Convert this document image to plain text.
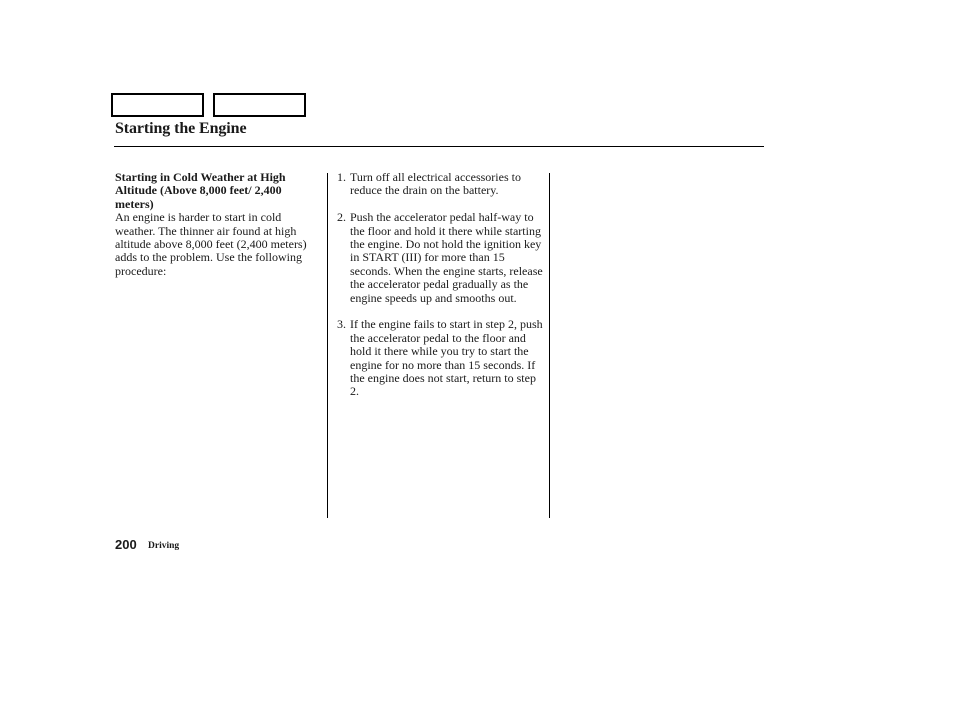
Starting the Engine

Starting in Cold Weather at High Altitude (Above 8,000 feet/ 2,400 meters)

An engine is harder to start in cold weather. The thinner air found at high altitude above 8,000 feet (2,400 meters) adds to the problem. Use the following procedure:

1. Turn off all electrical accessories to reduce the drain on the battery.
2. Push the accelerator pedal half-way to the floor and hold it there while starting the engine. Do not hold the ignition key in START (III) for more than 15 seconds. When the engine starts, release the accelerator pedal gradually as the engine speeds up and smooths out.
3. If the engine fails to start in step 2, push the accelerator pedal to the floor and hold it there while you try to start the engine for no more than 15 seconds. If the engine does not start, return to step 2.
200 Driving
